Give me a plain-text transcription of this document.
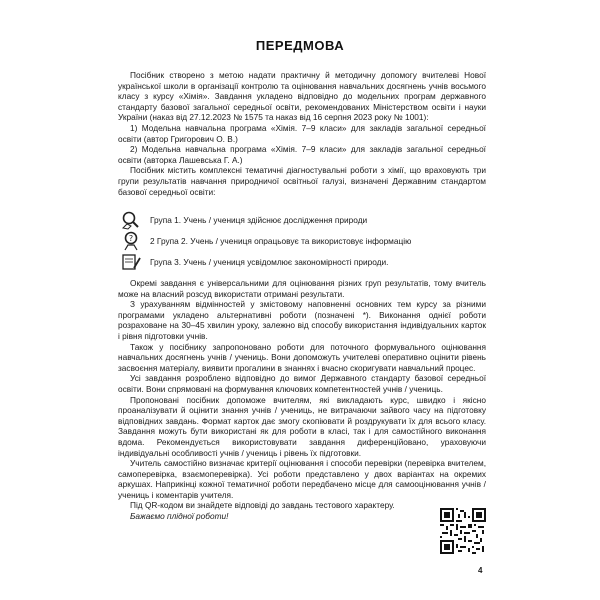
ПЕРЕДМОВА

Посібник створено з метою надати практичну й методичну допомогу вчителеві Нової української школи в організації контролю та оцінювання навчальних досягнень учнів восьмого класу з курсу «Хімія». Завдання укладено відповідно до модельних програм державного стандарту базової загальної середньої освіти, рекомендованих Міністерством освіти і науки України (наказ від 27.12.2023 № 1575 та наказ від 16 серпня 2023 року № 1001):

1) Модельна навчальна програма «Хімія. 7–9 класи» для закладів загальної середньої освіти (автор Григорович О. В.)

2) Модельна навчальна програма «Хімія. 7–9 класи» для закладів загальної середньої освіти (авторка Лашевська Г. А.)

Посібник містить комплексні тематичні діагностувальні роботи з хімії, що враховують три групи результатів навчання природничої освітньої галузі, визначені Державним стандартом базової середньої освіти:

Група 1. Учень / учениця здійснює дослідження природи
? 2 Група 2. Учень / учениця опрацьовує та використовує інформацію
Група 3. Учень / учениця усвідомлює закономірності природи.

Окремі завдання є універсальними для оцінювання різних груп результатів, тому вчитель може на власний розсуд використати отримані результати.

З урахуванням відмінностей у змістовому наповненні основних тем курсу за різними програмами укладено альтернативні роботи (позначені *). Виконання однієї роботи розраховане на 30–45 хвилин уроку, залежно від способу використання індивідуальних карток і рівня підготовки учнів.

Також у посібнику запропоновано роботи для поточного формувального оцінювання навчальних досягнень учнів / учениць. Вони допоможуть учителеві оперативно оцінити рівень засвоєння матеріалу, виявити прогалини в знаннях і вчасно скоригувати навчальний процес.

Усі завдання розроблено відповідно до вимог Державного стандарту базової середньої освіти. Вони спрямовані на формування ключових компетентностей учнів / учениць.

Пропоновані посібник допоможе вчителям, які викладають курс, швидко і якісно проаналізувати й оцінити знання учнів / учениць, не витрачаючи зайвого часу на підготовку відповідних завдань. Формат карток дає змогу скопіювати й роздрукувати їх для всього класу. Завдання можуть бути використані як для роботи в класі, так і для самостійного виконання вдома. Рекомендується використовувати завдання диференційовано, ураховуючи індивідуальні особливості учнів / учениць і рівень їх підготовки.

Учитель самостійно визначає критерії оцінювання і способи перевірки (перевірка вчителем, самоперевірка, взаємоперевірка). Усі роботи представлено у двох варіантах на окремих аркушах. Наприкінці кожної тематичної роботи передбачено місце для самооцінювання учнів / учениць і коментарів учителя.

Під QR-кодом ви знайдете відповіді до завдань тестового характеру.

Бажаємо плідної роботи!

4
